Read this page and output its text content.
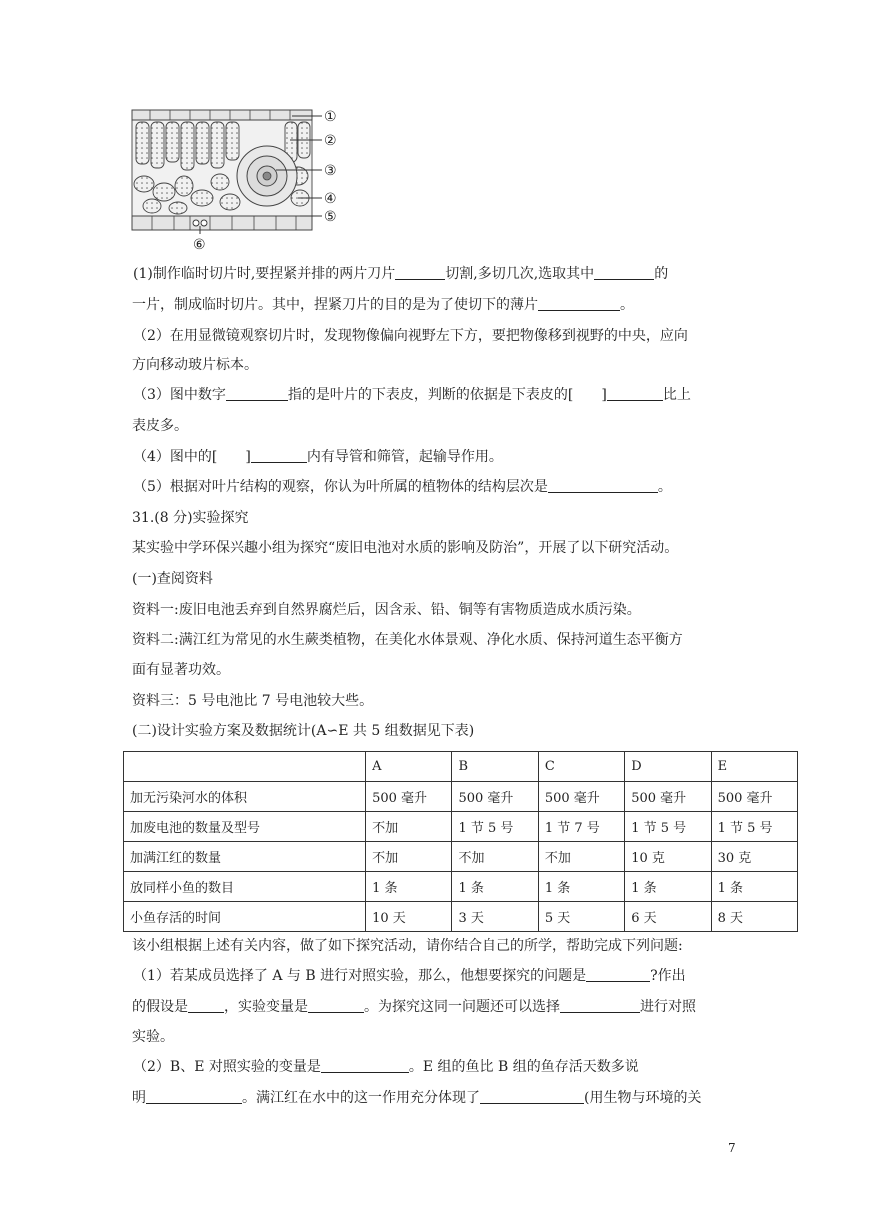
①
②
③
④
⑤
⑥
(1)制作临时切片时,要捏紧并排的两片刀片	切割,多切几次,选取其中	的
一片，制成临时切片。其中，捏紧刀片的目的是为了使切下的薄片	。
（2）在用显微镜观察切片时，发现物像偏向视野左下方，要把物像移到视野的中央，应向
方向移动玻片标本。
（3）图中数字	指的是叶片的下表皮，判断的依据是下表皮的[　　]	比上
表皮多。
（4）图中的[　　]	内有导管和筛管，起输导作用。
（5）根据对叶片结构的观察，你认为叶所属的植物体的结构层次是	。
31.(8 分)实验探究
某实验中学环保兴趣小组为探究“废旧电池对水质的影响及防治”，开展了以下研究活动。
(一)查阅资料
资料一:废旧电池丢弃到自然界腐烂后，因含汞、铅、铜等有害物质造成水质污染。
资料二:满江红为常见的水生蕨类植物，在美化水体景观、净化水质、保持河道生态平衡方
面有显著功效。
资料三：5 号电池比 7 号电池较大些。
(二)设计实验方案及数据统计(A∽E 共 5 组数据见下表)
	A	B	C	D	E
加无污染河水的体积	500 毫升	500 毫升	500 毫升	500 毫升	500 毫升
加废电池的数量及型号	不加	1 节 5 号	1 节 7 号	1 节 5 号	1 节 5 号
加满江红的数量	不加	不加	不加	10 克	30 克
放同样小鱼的数目	1 条	1 条	1 条	1 条	1 条
小鱼存活的时间	10 天	3 天	5 天	6 天	8 天
该小组根据上述有关内容，做了如下探究活动，请你结合自己的所学，帮助完成下列问题:
（1）若某成员选择了 A 与 B 进行对照实验，那么，他想要探究的问题是	?作出
的假设是	，实验变量是	。为探究这同一问题还可以选择	进行对照
实验。
（2）B、E 对照实验的变量是	。E 组的鱼比 B 组的鱼存活天数多说
明	。满江红在水中的这一作用充分体现了	(用生物与环境的关
7
